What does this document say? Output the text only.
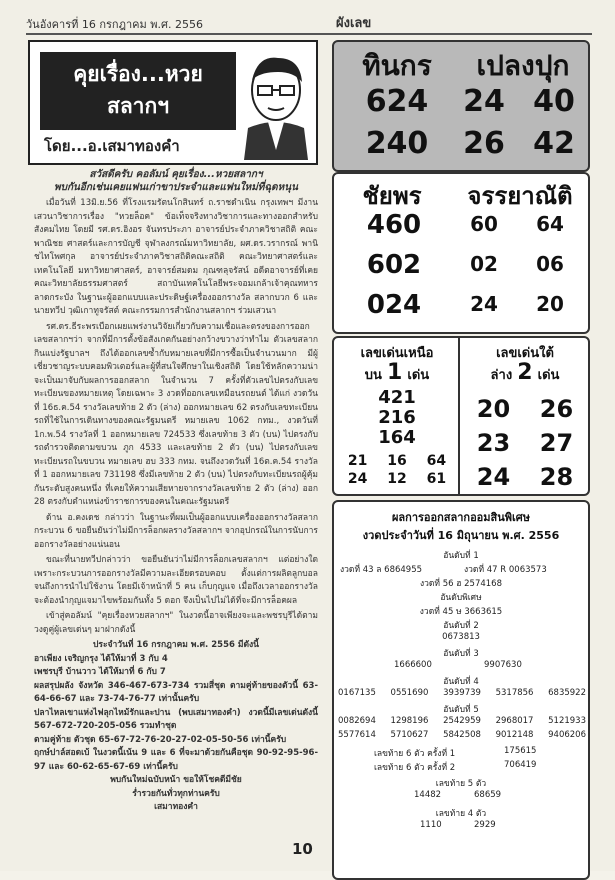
วันอังคารที่ 16 กรกฎาคม พ.ศ. 2556	ผังเลข
คุยเรื่อง...หวย
สลากฯ
โดย...อ.เสมาทองคำ
สวัสดีครับ คอลัมน์ คุยเรื่อง...หวยสลากฯ
พบกันอีกเช่นเคยแฟนเก่าขาประจำและแฟนใหม่ที่ฉุดหนุน

เมื่อวันที่ 13มิ.ย.56 ที่โรงแรมรัตนโกสินทร์ ถ.ราชดำเนิน กรุงเทพฯ มีงานเสวนาวิชาการเรื่อง "หวยล็อค" ข้อเท็จจริงทางวิชาการและทางออกสำหรับสังคมไทย โดยมี รศ.ดร.อิงอร จันทรประภา อาจารย์ประจำภาควิชาสถิติ คณะพาณิชย ศาสตร์และการบัญชี จุฬาลงกรณ์มหาวิทยาลัย, ผศ.ดร.วรากรณ์ พานิชไทโพศกุล อาจารย์ประจำภาควิชาสถิติคณะสถิติ คณะวิทยาศาสตร์และเทคโนโลยี มหาวิทยาศาสตร์, อาจารย์สมดม กุณฑลุจรัสน์ อดีตอาจารย์ที่เคย คณะวิทยาลัยธรรมศาสตร์ สถาบันเทคโนโลยีพระจอมเกล้าเจ้าคุณทหารลาดกระบัง ในฐานะผู้ออกแบบและประดิษฐ์เครื่องออกรางวัล สลากบวก 6 และนายทวีป วุฒิเกาทูจรัสต์ คณะกรรมการสำนักงานสลากฯ ร่วมเสวนา

รศ.ดร.ธีระพรเบือกเผยแพร่งานวิจัยเกี่ยวกับความเชื่อและตรงของการออกเลขสลากฯว่า จากที่มีการตั้งข้อสังเกตกันอย่างกว้างขวางว่าทำไม ตัวเลขสลากกินแบ่งรัฐบาลฯ ถึงได้ออกเลขซ้ำกับหมายเลขที่มีการซื้อเป็นจำนวนมาก มีผู้เชี่ยวชาญระบบคอมพิวเตอร์และผู้ที่สนใจศึกษาในเชิงสถิติ โดยใช้หลักความน่าจะเป็นมาจับกับผลการออกสลาก ในจำนวน 7 ครั้งที่ตัวเลขไปตรงกับเลขทะเบียนของหมายเหตุ โดยเฉพาะ 3 งวดที่ออกเลขเหมือนรถยนต์ ได้แก่ งวดวันที่ 16ธ.ค.54 รางวัลเลขท้าย 2 ตัว (ล่าง) ออกหมายเลข 62 ตรงกับเลขทะเบียนรถที่ใช้ในการเดินทางของคณะรัฐมนตรี หมายเลข 1062 กทม., งวดวันที่ 1ก.พ.54 รางวัลที่ 1 ออกหมายเลข 724533 ซึ่งเลขท้าย 3 ตัว (บน) ไปตรงกับรถตำรวจติดตามขบวน ภูก 4533 และเลขท้าย 2 ตัว (บน) ไปตรงกับเลขทะเบียนรถในขบวน หมายเลข ฮบ 333 กทม. จนถึงงวดวันที่ 16ต.ค.54 รางวัลที่ 1 ออกหมายเลข 731198 ซึ่งมีเลขท้าย 2 ตัว (บน) ไปตรงกับทะเบียนรถผู้คุ้มกันระดับสูงคนหนึ่ง ที่เคยให้ความเสียหายจากรางวัลเลขท้าย 2 ตัว (ล่าง) ออก 28 ตรงกับตำแหน่งข้าราชการของคนในคณะรัฐมนตรี

ด้าน อ.คงเดช กล่าวว่า ในฐานะที่ผมเป็นผู้ออกแบบเครื่องออกรางวัลสลากกระบวน 6 ขอยืนยันว่าไม่มีการล็อกผลรางวัลสลากฯ จากอุปกรณ์ในการนับการออกรางวัลอย่างแน่นอน

ขณะที่นายทวีปกล่าวว่า ขอยืนยันว่าไม่มีการล็อกเลขสลากฯ แต่อย่างใด เพราะกระบวนการออกรางวัลมีความละเอียดรอบคอบ ตั้งแต่การผลิตลูกบอลจนถึงการนำไปใช้งาน โดยมีเจ้าหน้าที่ 5 คน เก็บกุญแจ เมื่อถึงเวลาออกรางวัลจะต้องนำกุญแจมาไขพร้อมกันทั้ง 5 ดอก จึงเป็นไปไม่ได้ที่จะมีการล็อคผล

เข้าสู่คอลัมน์ "คุยเรื่องหวยสลากฯ" ในงวดนี้อาจเพียงจะและพชรบุรีได้ตามวงดูคู่ผู้เลขเด่นๆ มาฝากดังนี้

ประจำวันที่ 16 กรกฎาคม พ.ศ. 2556 มีดังนี้
อาเพียง เจริญกรุง ได้ให้มาที่ 3 กับ 4
เพชรบุรี บ้านวาว ได้ให้มาที่ 6 กับ 7
ผลสรุปผลัง จังหวัด 346-467-673-734 รวมสี่ชุด ตามคู่ท้ายของตัวนี้ 63-64-66-67 และ 73-74-76-77 เท่านั้นครับ
ปลาไหลเขาแห่งไฟลุกไหม้รักและปาน (พบเสมาทองคำ) งวดนี้มีเลขเด่นดังนี้ 567-672-720-205-056 รวมทำชุด
ตามคู่ท้าย ตัวชุด 65-67-72-76-20-27-02-05-50-56 เท่านี้ครับ
ฤกษ์ปาล์สอดเบ้ ในงวดนี้เน้น 9 และ 6 ที่จะมาด้วยกันคือชุด 90-92-95-96-97 และ 60-62-65-67-69 เท่านี้ครับ
พบกันใหม่ฉบับหน้า ขอให้โชคดีมีชัย
ร่ำรวยกันทั่วทุกท่านครับ
เสมาทองคำ
ทินกร	เปลงปุก
624	24 40
240	26 42
ชัยพร	จรรยาณัติ
460	60	64
602	02	06
024	24	20
เลขเด่นเหนือ
บน 1 เด่น
421
216
164
21 16 64
24 12 61
เลขเด่นใต้
ล่าง 2 เด่น
20 26
23 27
24 28
ผลการออกสลากออมสินพิเศษ
งวดประจำวันที่ 16 มิถุนายน พ.ศ. 2556
อันดับที่ 1
งวดที่ 43 ล 6864955	งวดที่ 47 R 0063573
งวดที่ 56 ฮ 2574168
อันดับพิเศษ
งวดที่ 45 ษ 3663615
อันดับที่ 2
0673813
อันดับที่ 3
1666600	9907630
อันดับที่ 4
0167135 0551690 3939739 5317856 6835922
อันดับที่ 5
0082694 1298196 2542959 2968017 5121933
5577614 5710627 5842508 9012148 9406206
เลขท้าย 6 ตัว ครั้งที่ 1	175615
เลขท้าย 6 ตัว ครั้งที่ 2	706419
เลขท้าย 5 ตัว
14482	68659
เลขท้าย 4 ตัว
1110	2929
10
